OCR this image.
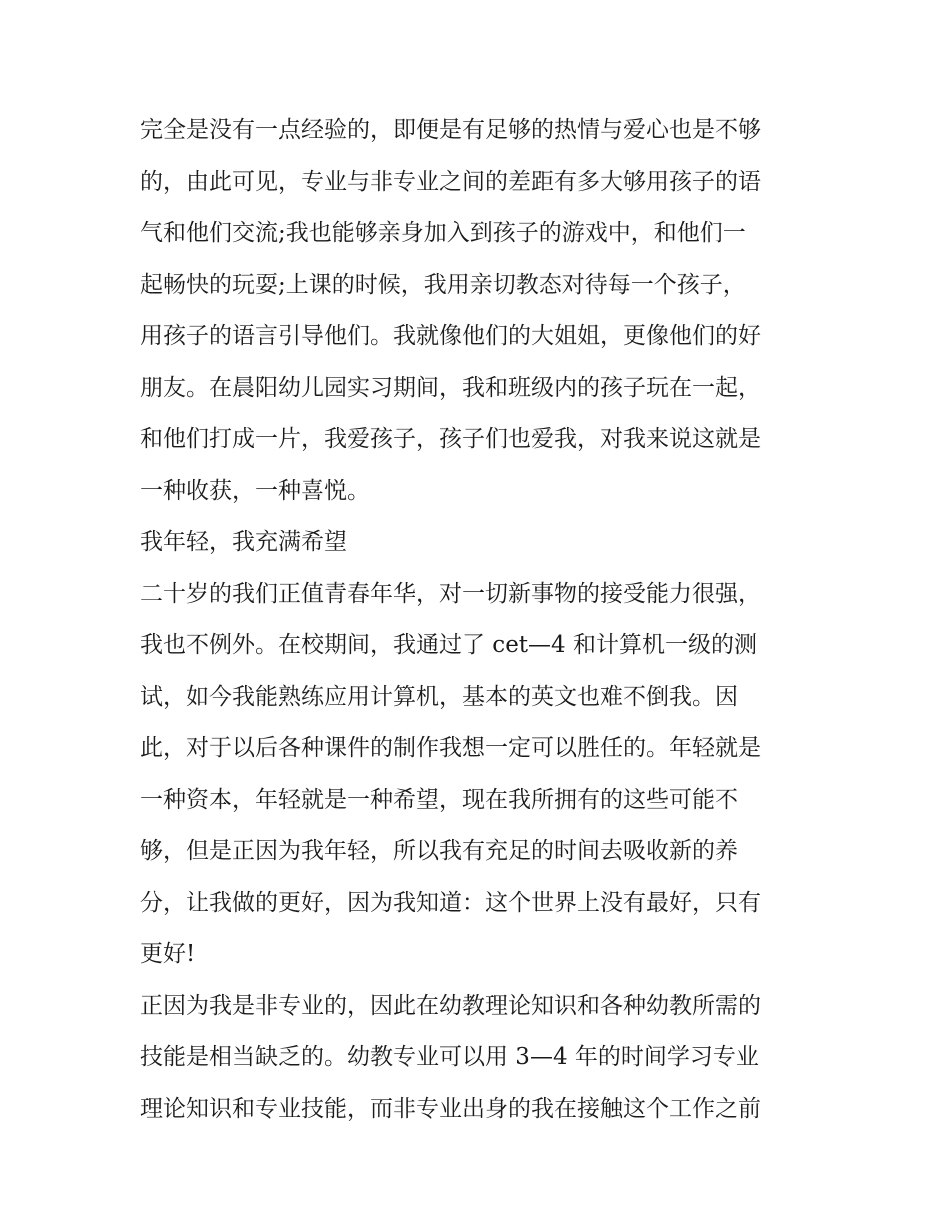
完全是没有一点经验的，即便是有足够的热情与爱心也是不够
的，由此可见，专业与非专业之间的差距有多大够用孩子的语
气和他们交流;我也能够亲身加入到孩子的游戏中，和他们一
起畅快的玩耍;上课的时候，我用亲切教态对待每一个孩子，
用孩子的语言引导他们。我就像他们的大姐姐，更像他们的好
朋友。在晨阳幼儿园实习期间，我和班级内的孩子玩在一起，
和他们打成一片，我爱孩子，孩子们也爱我，对我来说这就是
一种收获，一种喜悦。
我年轻，我充满希望
二十岁的我们正值青春年华，对一切新事物的接受能力很强，
我也不例外。在校期间，我通过了 cet—4 和计算机一级的测
试，如今我能熟练应用计算机，基本的英文也难不倒我。因
此，对于以后各种课件的制作我想一定可以胜任的。年轻就是
一种资本，年轻就是一种希望，现在我所拥有的这些可能不
够，但是正因为我年轻，所以我有充足的时间去吸收新的养
分，让我做的更好，因为我知道：这个世界上没有最好，只有
更好!
正因为我是非专业的，因此在幼教理论知识和各种幼教所需的
技能是相当缺乏的。幼教专业可以用 3—4 年的时间学习专业
理论知识和专业技能，而非专业出身的我在接触这个工作之前
